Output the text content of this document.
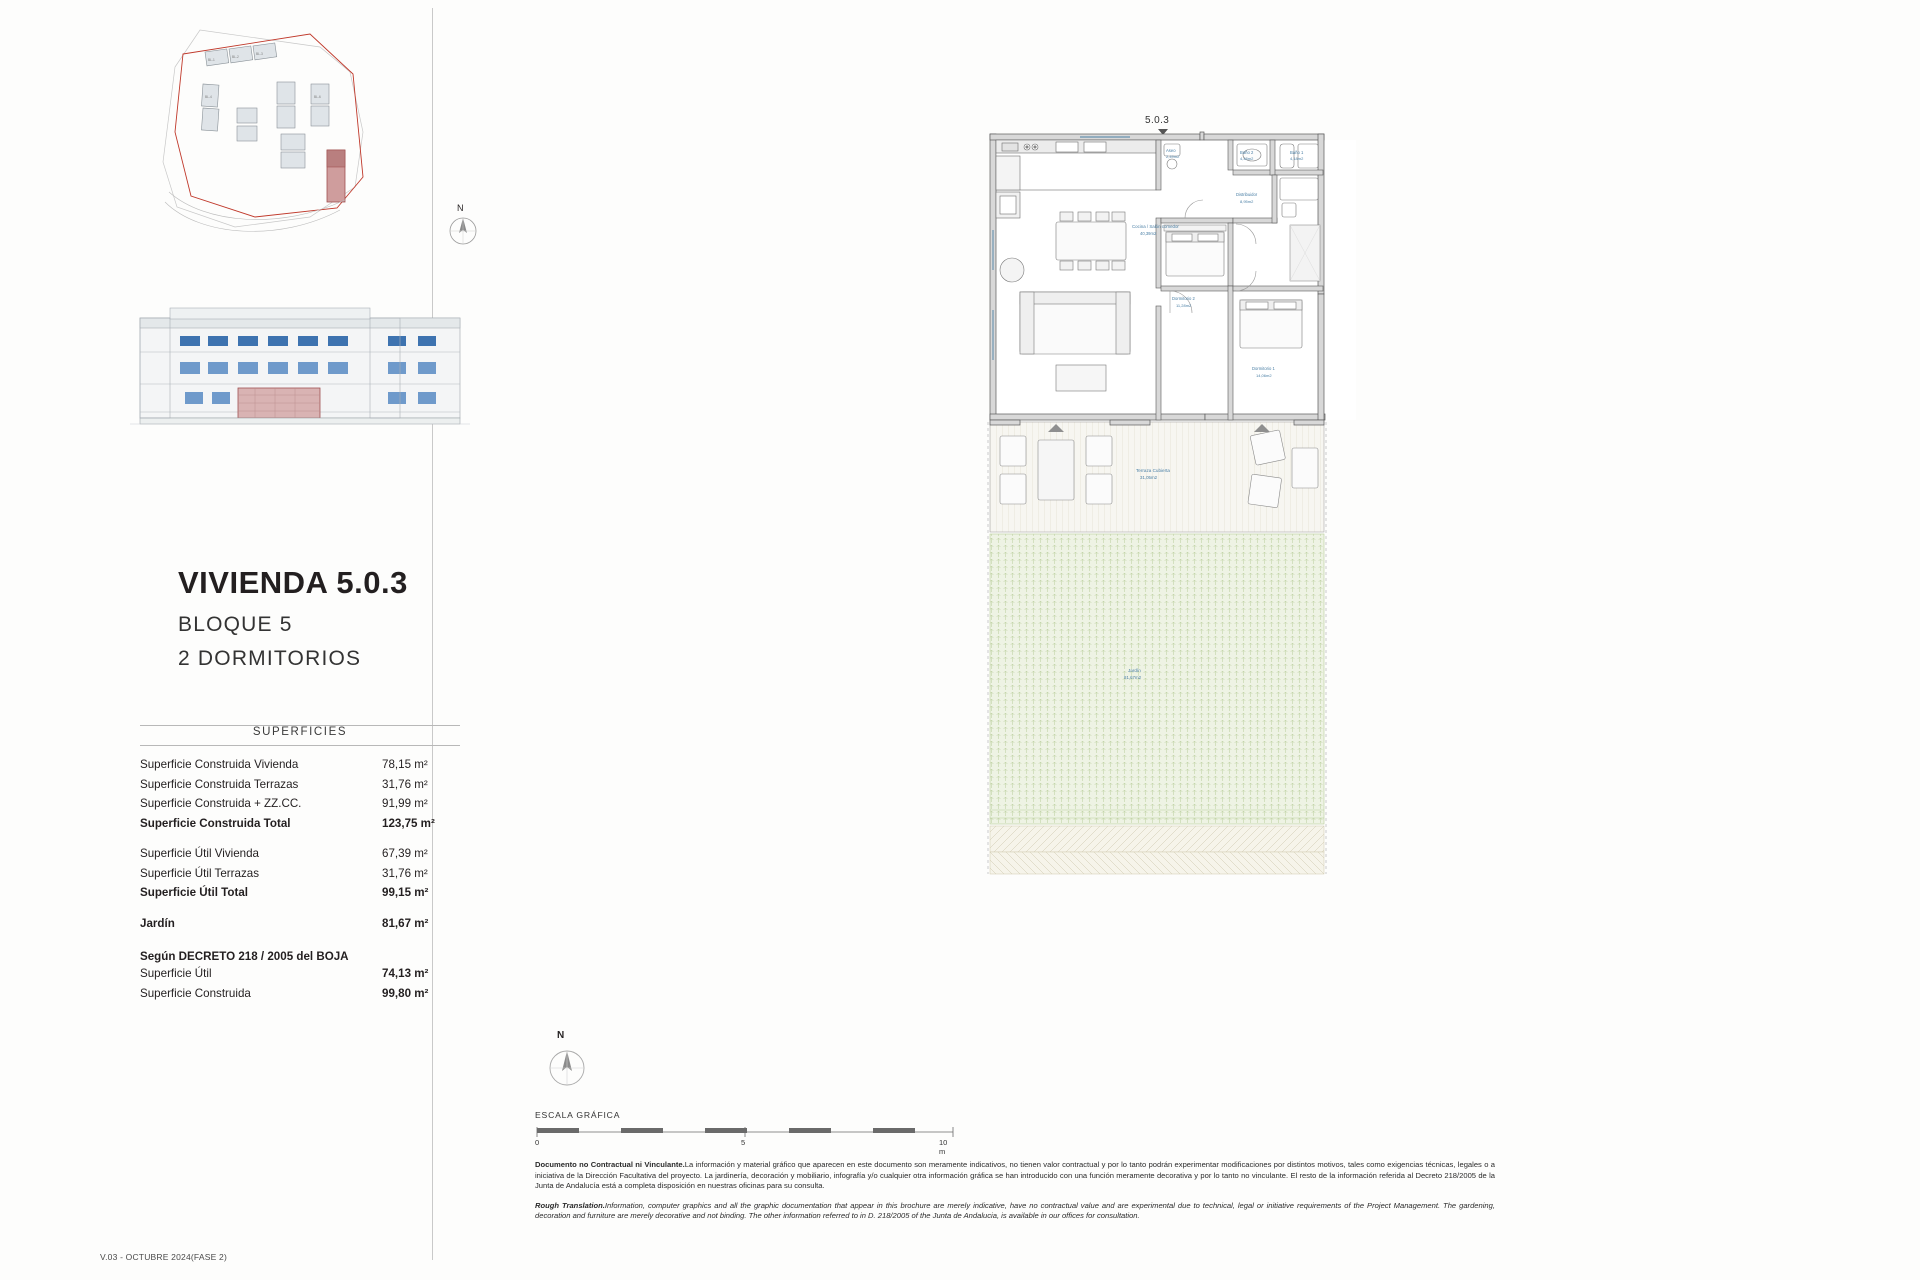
BL-1
BL-2
BL-3
BL-4	BL-6
N
VIVIENDA 5.0.3

BLOQUE 5

2 DORMITORIOS

SUPERFICIES
Superficie Construida Vivienda	78,15 m²
Superficie Construida Terrazas	31,76 m²
Superficie Construida + ZZ.CC.	91,99 m²
Superficie Construida Total	123,75 m²
Superficie Útil Vivienda	67,39 m²
Superficie Útil Terrazas	31,76 m²
Superficie Útil Total	99,15 m²
Jardín	81,67 m²
Según DECRETO 218 / 2005 del BOJA
Superficie Útil	74,13 m²
Superficie Construida	99,80 m²
V.03 - OCTUBRE 2024(FASE 2)
5.0.3
Terraza Cubierta
31,05m2
Jardín
81,67m2
Cocina / Salón comedor
40,39m2
Aseo
2,49m2
Baño 2
4,48m2
Baño 1
4,18m2
Distribuidor
8,95m2
Dormitorio 2
11,28m2
Dormitorio 1
14,06m2
N
ESCALA GRÁFICA
0	5	10 m

Documento no Contractual ni Vinculante.La información y material gráfico que aparecen en este documento son meramente indicativos, no tienen valor contractual y por lo tanto podrán experimentar modificaciones por distintos motivos, tales como exigencias técnicas, legales o a iniciativa de la Dirección Facultativa del proyecto. La jardinería, decoración y mobiliario, infografía y/o cualquier otra información gráfica se han introducido con una función meramente decorativa y por lo tanto no vinculante. El resto de la información referida al Decreto 218/2005 de la Junta de Andalucía está a completa disposición en nuestras oficinas para su consulta.

Rough Translation.Information, computer graphics and all the graphic documentation that appear in this brochure are merely indicative, have no contractual value and are experimental due to technical, legal or initiative requirements of the Project Management. The gardening, decoration and furniture are merely decorative and not binding. The other information referred to in D. 218/2005 of the Junta de Andalucia, is available in our offices for consultation.
